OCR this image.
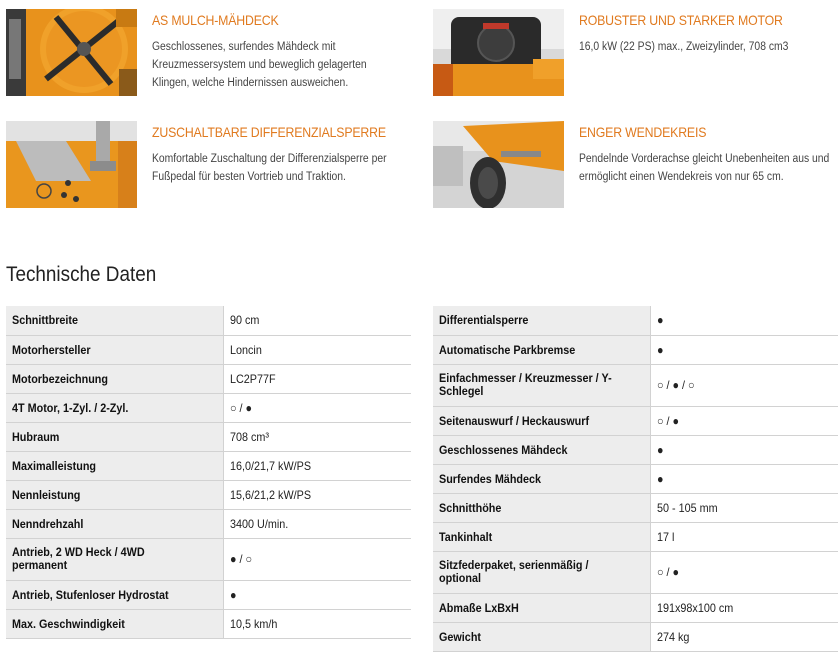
AS MULCH-MÄHDECK
Geschlossenes, surfendes Mähdeck mit Kreuzmessersystem und beweglich gelagerten Klingen, welche Hindernissen ausweichen.
ROBUSTER UND STARKER MOTOR
16,0 kW (22 PS) max., Zweizylinder, 708 cm3
ZUSCHALTBARE DIFFERENZIALSPERRE
Komfortable Zuschaltung der Differenzialsperre per Fußpedal für besten Vortrieb und Traktion.
ENGER WENDEKREIS
Pendelnde Vorderachse gleicht Unebenheiten aus und ermöglicht einen Wendekreis von nur 65 cm.
Technische Daten
Schnittbreite	90 cm
Motorhersteller	Loncin
Motorbezeichnung	LC2P77F
4T Motor, 1-Zyl. / 2-Zyl.	○ / ●
Hubraum	708 cm³
Maximalleistung	16,0/21,7 kW/PS
Nennleistung	15,6/21,2 kW/PS
Nenndrehzahl	3400 U/min.
Antrieb, 2 WD Heck / 4WD permanent	● / ○
Antrieb, Stufenloser Hydrostat	●
Max. Geschwindigkeit	10,5 km/h
Differentialsperre	●
Automatische Parkbremse	●
Einfachmesser / Kreuzmesser / Y-Schlegel	○ / ● / ○
Seitenauswurf / Heckauswurf	○ / ●
Geschlossenes Mähdeck	●
Surfendes Mähdeck	●
Schnitthöhe	50 - 105 mm
Tankinhalt	17 l
Sitzfederpaket, serienmäßig / optional	○ / ●
Abmaße LxBxH	191x98x100 cm
Gewicht	274 kg
